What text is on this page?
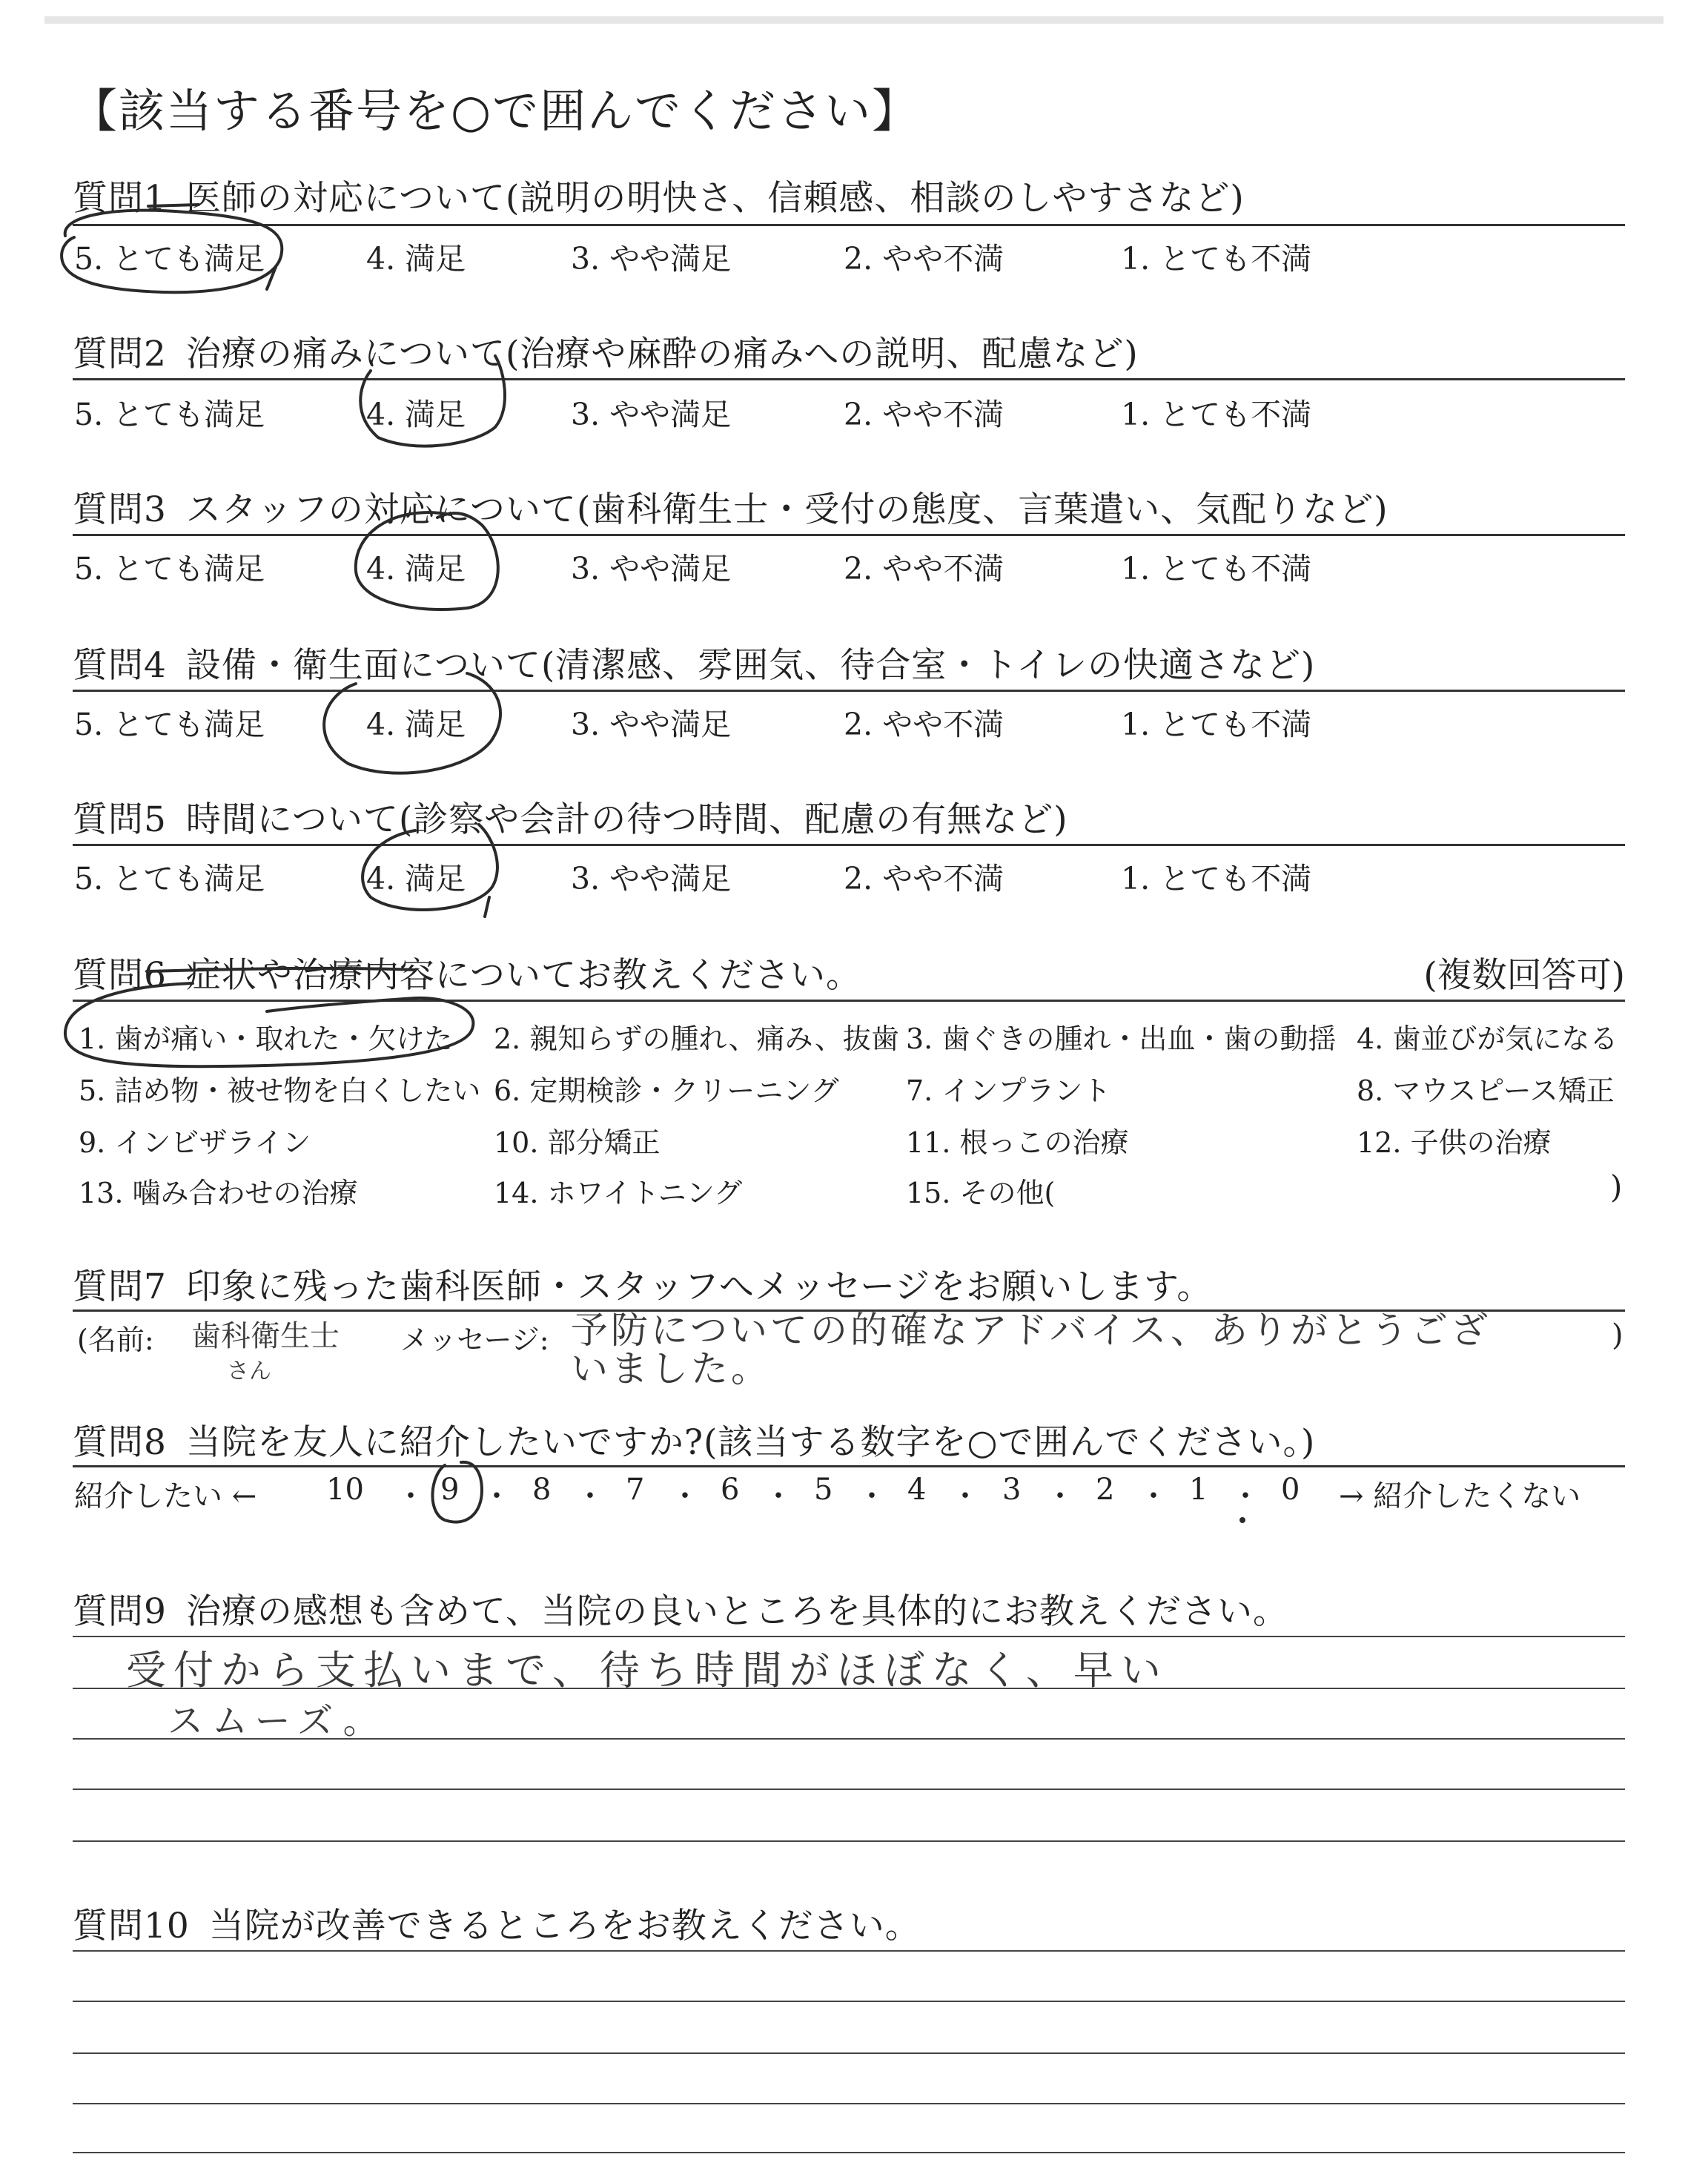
【該当する番号を○で囲んでください】
質問1 医師の対応について(説明の明快さ、信頼感、相談のしやすさなど)
5. とても満足	4. 満足	3. やや満足	2. やや不満	1. とても不満
質問2 治療の痛みについて(治療や麻酔の痛みへの説明、配慮など)
5. とても満足	4. 満足	3. やや満足	2. やや不満	1. とても不満
質問3 スタッフの対応について(歯科衛生士・受付の態度、言葉遣い、気配りなど)
5. とても満足	4. 満足	3. やや満足	2. やや不満	1. とても不満
質問4 設備・衛生面について(清潔感、雰囲気、待合室・トイレの快適さなど)
5. とても満足	4. 満足	3. やや満足	2. やや不満	1. とても不満
質問5 時間について(診察や会計の待つ時間、配慮の有無など)
5. とても満足	4. 満足	3. やや満足	2. やや不満	1. とても不満
質問6 症状や治療内容についてお教えください。	(複数回答可)
1. 歯が痛い・取れた・欠けた 2. 親知らずの腫れ、痛み、抜歯 3. 歯ぐきの腫れ・出血・歯の動揺 4. 歯並びが気になる
5. 詰め物・被せ物を白くしたい 6. 定期検診・クリーニング 7. インプラント	8. マウスピース矯正
9. インビザライン	10. 部分矯正	11. 根っこの治療	12. 子供の治療
13. 噛み合わせの治療	14. ホワイトニング	15. その他(	)
質問7 印象に残った歯科医師・スタッフへメッセージをお願いします。
(名前: 歯科衛生士
さん
メッセージ: 予防についての的確なアドバイス、ありがとうございました。
)
質問8 当院を友人に紹介したいですか?(該当する数字を○で囲んでください。)
紹介したい ← 10 ・ 9 ・ 8 ・ 7 ・ 6 ・ 5 ・ 4 ・ 3 ・ 2 ・ 1 ・ 0 → 紹介したくない
質問9 治療の感想も含めて、当院の良いところを具体的にお教えください。
受付から支払いまで、待ち時間がほぼなく、早い
スムーズ。
質問10 当院が改善できるところをお教えください。
